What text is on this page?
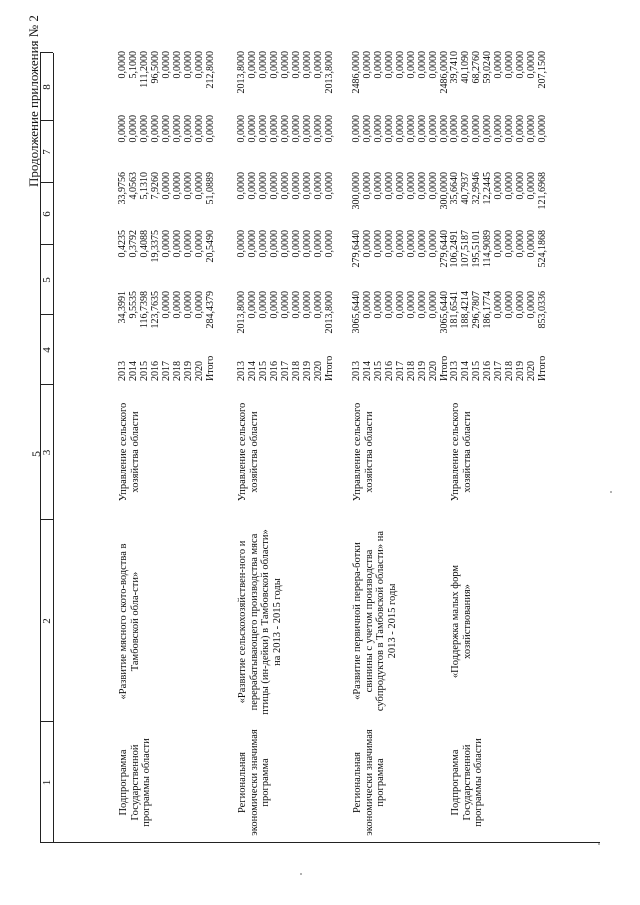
5
Продолжение приложения № 2
1
2
3
4
5
6
7
8
Подпрограмма Государственной программы области
«Развитие мясного ското-водства в Тамбовской обла-сти»
Управление сельского хозяйства области
2013 2014 2015 2016 2017 2018 2019 2020 Итого
34,3991 9,5535 116,7398 123,7635 0,0000 0,0000 0,0000 0,0000 284,4379
0,4235 0,3792 0,4088 19,3375 0,0000 0,0000 0,0000 0,0000 20,5490
33,9756 4,0563 5,1310 7,9260 0,0000 0,0000 0,0000 0,0000 51,0889
0,0000 0,0000 0,0000 0,0000 0,0000 0,0000 0,0000 0,0000 0,0000
0,0000 5,1000 111,2000 96,5000 0,0000 0,0000 0,0000 0,0000 212,8000
Региональная экономически значимая программа
«Развитие сельскохозяйствен-ного и перерабатывающего производства мяса птицы (ин-дейки) в Тамбовской области» на 2013 - 2015 годы
Управление сельского хозяйства области
2013 2014 2015 2016 2017 2018 2019 2020 Итого
2013,8000 0,0000 0,0000 0,0000 0,0000 0,0000 0,0000 0,0000 2013,8000
0,0000 0,0000 0,0000 0,0000 0,0000 0,0000 0,0000 0,0000 0,0000
0,0000 0,0000 0,0000 0,0000 0,0000 0,0000 0,0000 0,0000 0,0000
0,0000 0,0000 0,0000 0,0000 0,0000 0,0000 0,0000 0,0000 0,0000
2013,8000 0,0000 0,0000 0,0000 0,0000 0,0000 0,0000 0,0000 2013,8000
Региональная экономически значимая программа
«Развитие первичной перера-ботки свинины с учетом производства субпродуктов в Тамбовской области» на 2013 - 2015 годы
Управление сельского хозяйства области
2013 2014 2015 2016 2017 2018 2019 2020 Итого
3065,6440 0,0000 0,0000 0,0000 0,0000 0,0000 0,0000 0,0000 3065,6440
279,6440 0,0000 0,0000 0,0000 0,0000 0,0000 0,0000 0,0000 279,6440
300,0000 0,0000 0,0000 0,0000 0,0000 0,0000 0,0000 0,0000 300,0000
0,0000 0,0000 0,0000 0,0000 0,0000 0,0000 0,0000 0,0000 0,0000
2486,0000 0,0000 0,0000 0,0000 0,0000 0,0000 0,0000 0,0000 2486,0000
Подпрограмма Государственной программы области
«Поддержка малых форм хозяйствования»
Управление сельского хозяйства области
2013 2014 2015 2016 2017 2018 2019 2020 Итого
181,6541 188,4214 296,7807 186,1774 0,0000 0,0000 0,0000 0,0000 853,0336
106,2491 107,5187 195,5101 114,9089 0,0000 0,0000 0,0000 0,0000 524,1868
35,6640 40,7937 32,9946 12,2445 0,0000 0,0000 0,0000 0,0000 121,6968
0,0000 0,0000 0,0000 0,0000 0,0000 0,0000 0,0000 0,0000 0,0000
39,7410 40,1090 68,2760 59,0240 0,0000 0,0000 0,0000 0,0000 207,1500
